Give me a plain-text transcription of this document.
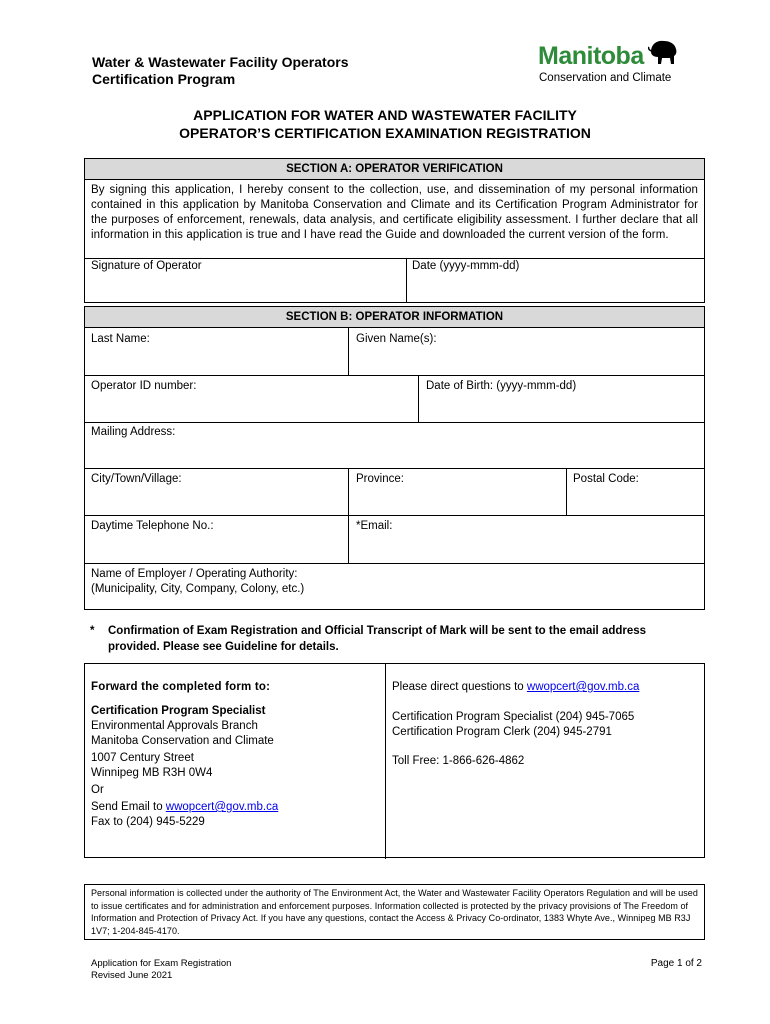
Water & Wastewater Facility Operators
Certification Program
Manitoba
Conservation and Climate
APPLICATION FOR WATER AND WASTEWATER FACILITY
OPERATOR’S CERTIFICATION EXAMINATION REGISTRATION
SECTION A: OPERATOR VERIFICATION
By signing this application, I hereby consent to the collection, use, and dissemination of my personal information contained in this application by Manitoba Conservation and Climate and its Certification Program Administrator for the purposes of enforcement, renewals, data analysis, and certificate eligibility assessment. I further declare that all information in this application is true and I have read the Guide and downloaded the current version of the form.
Signature of Operator	Date (yyyy-mmm-dd)
SECTION B: OPERATOR INFORMATION
Last Name:	Given Name(s):
Operator ID number:	Date of Birth: (yyyy-mmm-dd)
Mailing Address:
City/Town/Village:	Province:	Postal Code:
Daytime Telephone No.:	*Email:
Name of Employer / Operating Authority:
(Municipality, City, Company, Colony, etc.)
* Confirmation of Exam Registration and Official Transcript of Mark will be sent to the email address provided. Please see Guideline for details.
Forward the completed form to:
Certification Program Specialist
Environmental Approvals Branch
Manitoba Conservation and Climate
1007 Century Street
Winnipeg MB R3H 0W4
Or
Send Email to wwopcert@gov.mb.ca
Fax to (204) 945-5229
Please direct questions to wwopcert@gov.mb.ca
Certification Program Specialist (204) 945-7065
Certification Program Clerk (204) 945-2791
Toll Free: 1-866-626-4862
Personal information is collected under the authority of The Environment Act, the Water and Wastewater Facility Operators Regulation and will be used to issue certificates and for administration and enforcement purposes. Information collected is protected by the privacy provisions of The Freedom of Information and Protection of Privacy Act. If you have any questions, contact the Access & Privacy Co-ordinator, 1383 Whyte Ave., Winnipeg MB R3J 1V7; 1-204-845-4170.
Application for Exam Registration
Revised June 2021
Page 1 of 2
